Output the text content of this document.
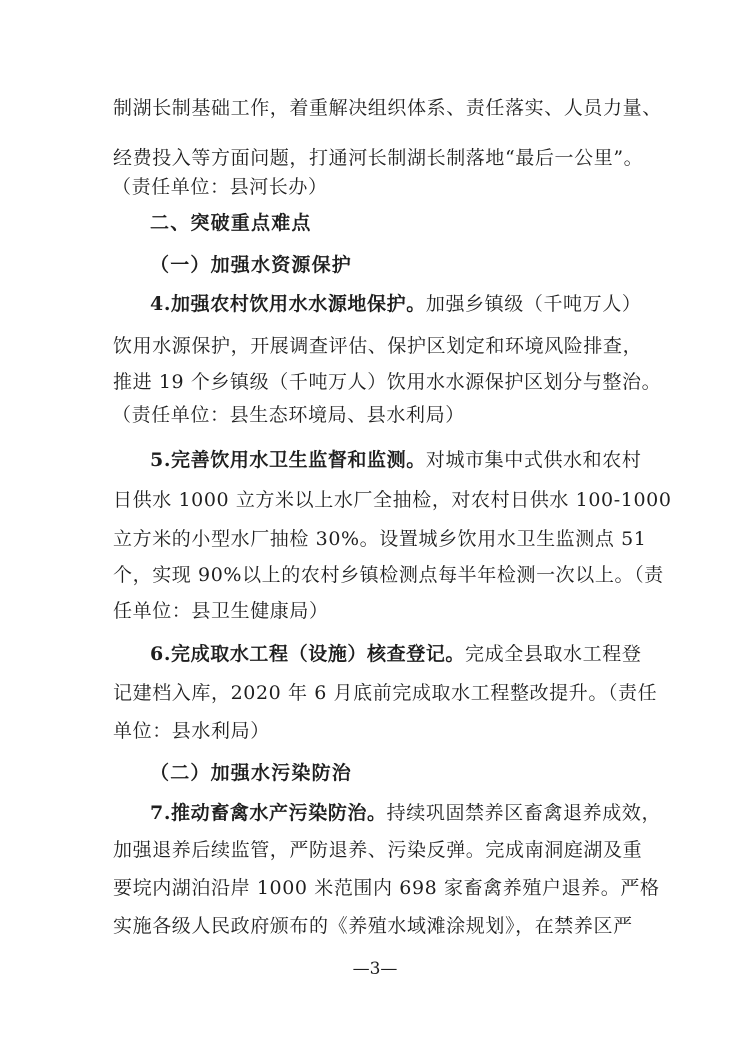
制湖长制基础工作，着重解决组织体系、责任落实、人员力量、
经费投入等方面问题，打通河长制湖长制落地“最后一公里”。
（责任单位：县河长办）
二、突破重点难点
（一）加强水资源保护
4.加强农村饮用水水源地保护。加强乡镇级（千吨万人）
饮用水源保护，开展调查评估、保护区划定和环境风险排查，
推进 19 个乡镇级（千吨万人）饮用水水源保护区划分与整治。
（责任单位：县生态环境局、县水利局）
5.完善饮用水卫生监督和监测。对城市集中式供水和农村
日供水 1000 立方米以上水厂全抽检，对农村日供水 100-1000
立方米的小型水厂抽检 30%。设置城乡饮用水卫生监测点 51
个，实现 90%以上的农村乡镇检测点每半年检测一次以上。（责
任单位：县卫生健康局）
6.完成取水工程（设施）核查登记。完成全县取水工程登
记建档入库，2020 年 6 月底前完成取水工程整改提升。（责任
单位：县水利局）
（二）加强水污染防治
7.推动畜禽水产污染防治。持续巩固禁养区畜禽退养成效，
加强退养后续监管，严防退养、污染反弹。完成南洞庭湖及重
要垸内湖泊沿岸 1000 米范围内 698 家畜禽养殖户退养。严格
实施各级人民政府颁布的《养殖水域滩涂规划》，在禁养区严
—3—
